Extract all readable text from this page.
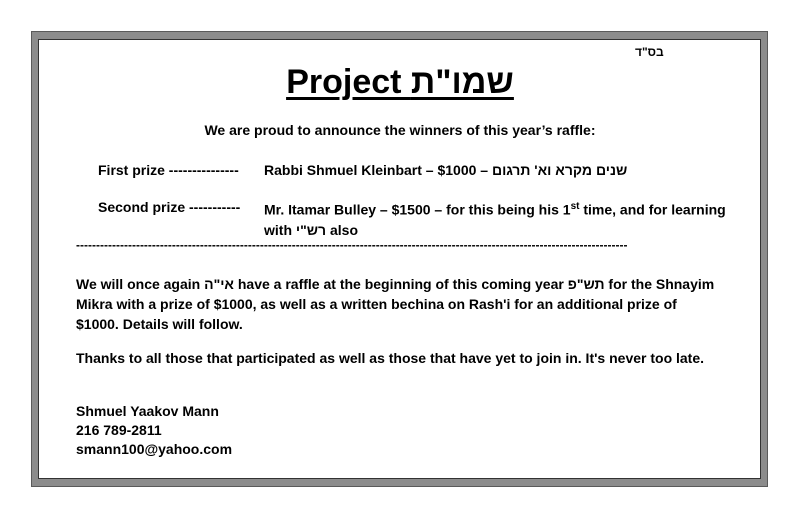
בס"ד
Project שמו"ת
We are proud to announce the winners of this year’s raffle:
First prize --------------- Rabbi Shmuel Kleinbart – $1000 – שנים מקרא וא' תרגום
Second prize ----------- Mr. Itamar Bulley – $1500 – for this being his 1st time, and for learning with רש"י also
------------------------------------------------------------------------------------------------------------------------------------------
We will once again אי"ה have a raffle at the beginning of this coming year תש"פ for the Shnayim Mikra with a prize of $1000, as well as a written bechina on Rash'i for an additional prize of $1000. Details will follow.
Thanks to all those that participated as well as those that have yet to join in. It's never too late.
Shmuel Yaakov Mann
216 789-2811
smann100@yahoo.com
